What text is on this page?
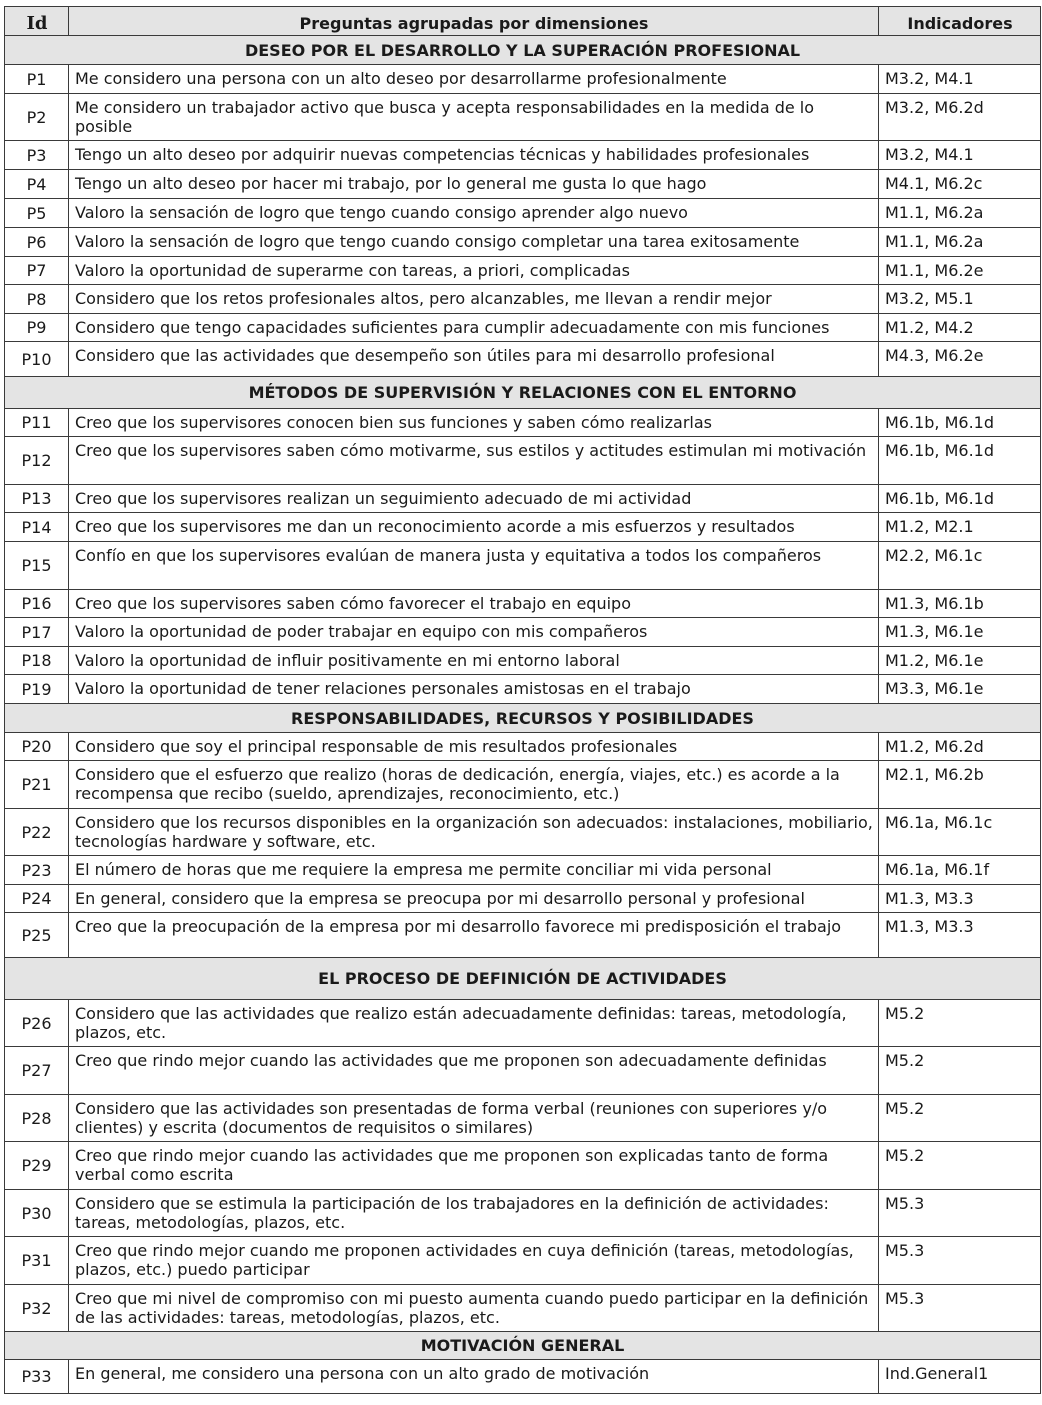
Id	Preguntas agrupadas por dimensiones	Indicadores
DESEO POR EL DESARROLLO Y LA SUPERACIÓN PROFESIONAL		
P1	Me considero una persona con un alto deseo por desarrollarme profesionalmente	M3.2, M4.1
P2	Me considero un trabajador activo que busca y acepta responsabilidades en la medida de lo posible	M3.2, M6.2d
P3	Tengo un alto deseo por adquirir nuevas competencias técnicas y habilidades profesionales	M3.2, M4.1
P4	Tengo un alto deseo por hacer mi trabajo, por lo general me gusta lo que hago	M4.1, M6.2c
P5	Valoro la sensación de logro que tengo cuando consigo aprender algo nuevo	M1.1, M6.2a
P6	Valoro la sensación de logro que tengo cuando consigo completar una tarea exitosamente	M1.1, M6.2a
P7	Valoro la oportunidad de superarme con tareas, a priori, complicadas	M1.1, M6.2e
P8	Considero que los retos profesionales altos, pero alcanzables, me llevan a rendir mejor	M3.2, M5.1
P9	Considero que tengo capacidades suficientes para cumplir adecuadamente con mis funciones	M1.2, M4.2
P10	Considero que las actividades que desempeño son útiles para mi desarrollo profesional	M4.3, M6.2e
MÉTODOS DE SUPERVISIÓN Y RELACIONES CON EL ENTORNO		
P11	Creo que los supervisores conocen bien sus funciones y saben cómo realizarlas	M6.1b, M6.1d
P12	Creo que los supervisores saben cómo motivarme, sus estilos y actitudes estimulan mi motivación	M6.1b, M6.1d
P13	Creo que los supervisores realizan un seguimiento adecuado de mi actividad	M6.1b, M6.1d
P14	Creo que los supervisores me dan un reconocimiento acorde a mis esfuerzos y resultados	M1.2, M2.1
P15	Confío en que los supervisores evalúan de manera justa y equitativa a todos los compañeros	M2.2, M6.1c
P16	Creo que los supervisores saben cómo favorecer el trabajo en equipo	M1.3, M6.1b
P17	Valoro la oportunidad de poder trabajar en equipo con mis compañeros	M1.3, M6.1e
P18	Valoro la oportunidad de influir positivamente en mi entorno laboral	M1.2, M6.1e
P19	Valoro la oportunidad de tener relaciones personales amistosas en el trabajo	M3.3, M6.1e
RESPONSABILIDADES, RECURSOS Y POSIBILIDADES		
P20	Considero que soy el principal responsable de mis resultados profesionales	M1.2, M6.2d
P21	Considero que el esfuerzo que realizo (horas de dedicación, energía, viajes, etc.) es acorde a la recompensa que recibo (sueldo, aprendizajes, reconocimiento, etc.)	M2.1, M6.2b
P22	Considero que los recursos disponibles en la organización son adecuados: instalaciones, mobiliario, tecnologías hardware y software, etc.	M6.1a, M6.1c
P23	El número de horas que me requiere la empresa me permite conciliar mi vida personal	M6.1a, M6.1f
P24	En general, considero que la empresa se preocupa por mi desarrollo personal y profesional	M1.3, M3.3
P25	Creo que la preocupación de la empresa por mi desarrollo favorece mi predisposición el trabajo	M1.3, M3.3
EL PROCESO DE DEFINICIÓN DE ACTIVIDADES		
P26	Considero que las actividades que realizo están adecuadamente definidas: tareas, metodología, plazos, etc.	M5.2
P27	Creo que rindo mejor cuando las actividades que me proponen son adecuadamente definidas	M5.2
P28	Considero que las actividades son presentadas de forma verbal (reuniones con superiores y/o clientes) y escrita (documentos de requisitos o similares)	M5.2
P29	Creo que rindo mejor cuando las actividades que me proponen son explicadas tanto de forma verbal como escrita	M5.2
P30	Considero que se estimula la participación de los trabajadores en la definición de actividades: tareas, metodologías, plazos, etc.	M5.3
P31	Creo que rindo mejor cuando me proponen actividades en cuya definición (tareas, metodologías, plazos, etc.) puedo participar	M5.3
P32	Creo que mi nivel de compromiso con mi puesto aumenta cuando puedo participar en la definición de las actividades: tareas, metodologías, plazos, etc.	M5.3
MOTIVACIÓN GENERAL		
P33	En general, me considero una persona con un alto grado de motivación	Ind.General1
